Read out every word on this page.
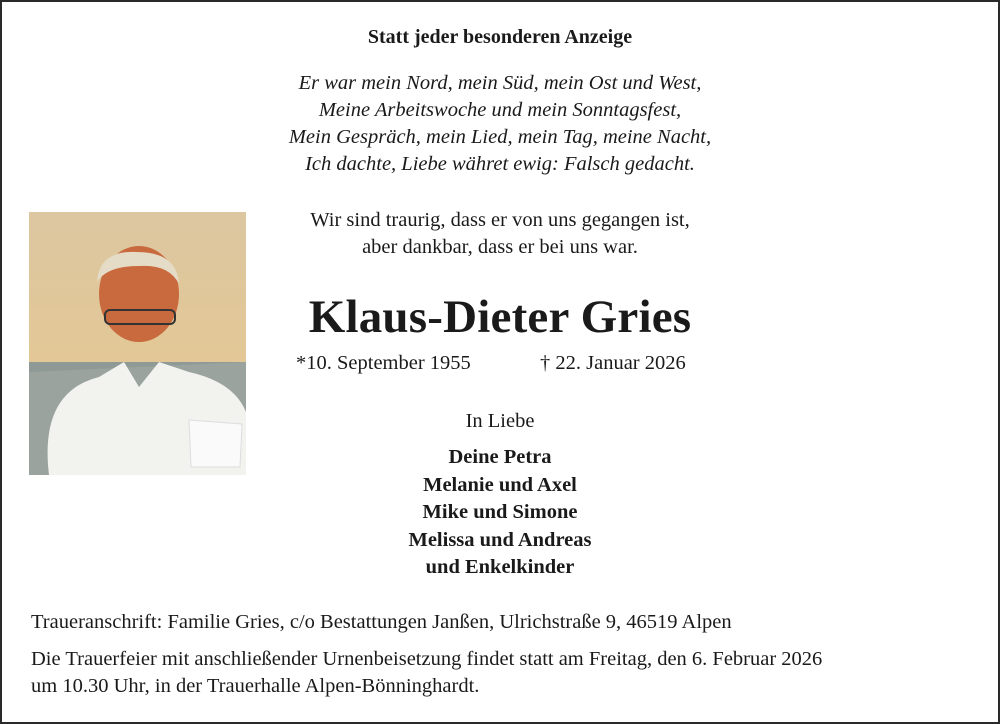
Statt jeder besonderen Anzeige
Er war mein Nord, mein Süd, mein Ost und West,
Meine Arbeitswoche und mein Sonntagsfest,
Mein Gespräch, mein Lied, mein Tag, meine Nacht,
Ich dachte, Liebe währet ewig: Falsch gedacht.
Wir sind traurig, dass er von uns gegangen ist,
aber dankbar, dass er bei uns war.
Klaus-Dieter Gries
*10. September 1955	† 22. Januar 2026
In Liebe
Deine Petra
Melanie und Axel
Mike und Simone
Melissa und Andreas
und Enkelkinder
Traueranschrift: Familie Gries, c/o Bestattungen Janßen, Ulrichstraße 9, 46519 Alpen
Die Trauerfeier mit anschließender Urnenbeisetzung findet statt am Freitag, den 6. Februar 2026
um 10.30 Uhr, in der Trauerhalle Alpen-Bönninghardt.
